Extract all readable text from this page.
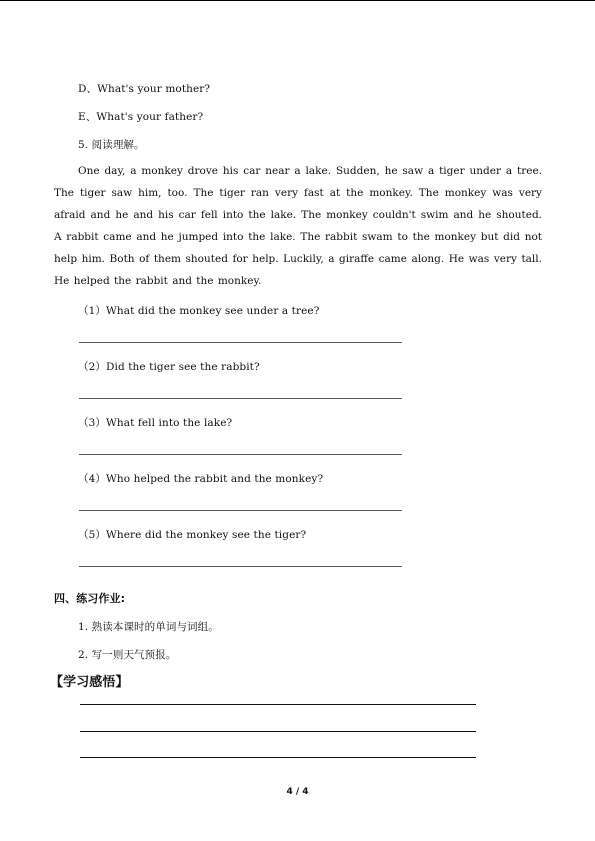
D、What's your mother?
E、What's your father?
5. 阅读理解。
One day, a monkey drove his car near a lake. Sudden, he saw a tiger under a tree. The tiger saw him, too. The tiger ran very fast at the monkey. The monkey was very afraid and he and his car fell into the lake. The monkey couldn't swim and he shouted. A rabbit came and he jumped into the lake. The rabbit swam to the monkey but did not help him. Both of them shouted for help. Luckily, a giraffe came along. He was very tall. He helped the rabbit and the monkey.
（1）What did the monkey see under a tree?
（2）Did the tiger see the rabbit?
（3）What fell into the lake?
（4）Who helped the rabbit and the monkey?
（5）Where did the monkey see the tiger?
四、练习作业:
1. 熟读本课时的单词与词组。
2. 写一则天气预报。
【学习感悟】
4 / 4
